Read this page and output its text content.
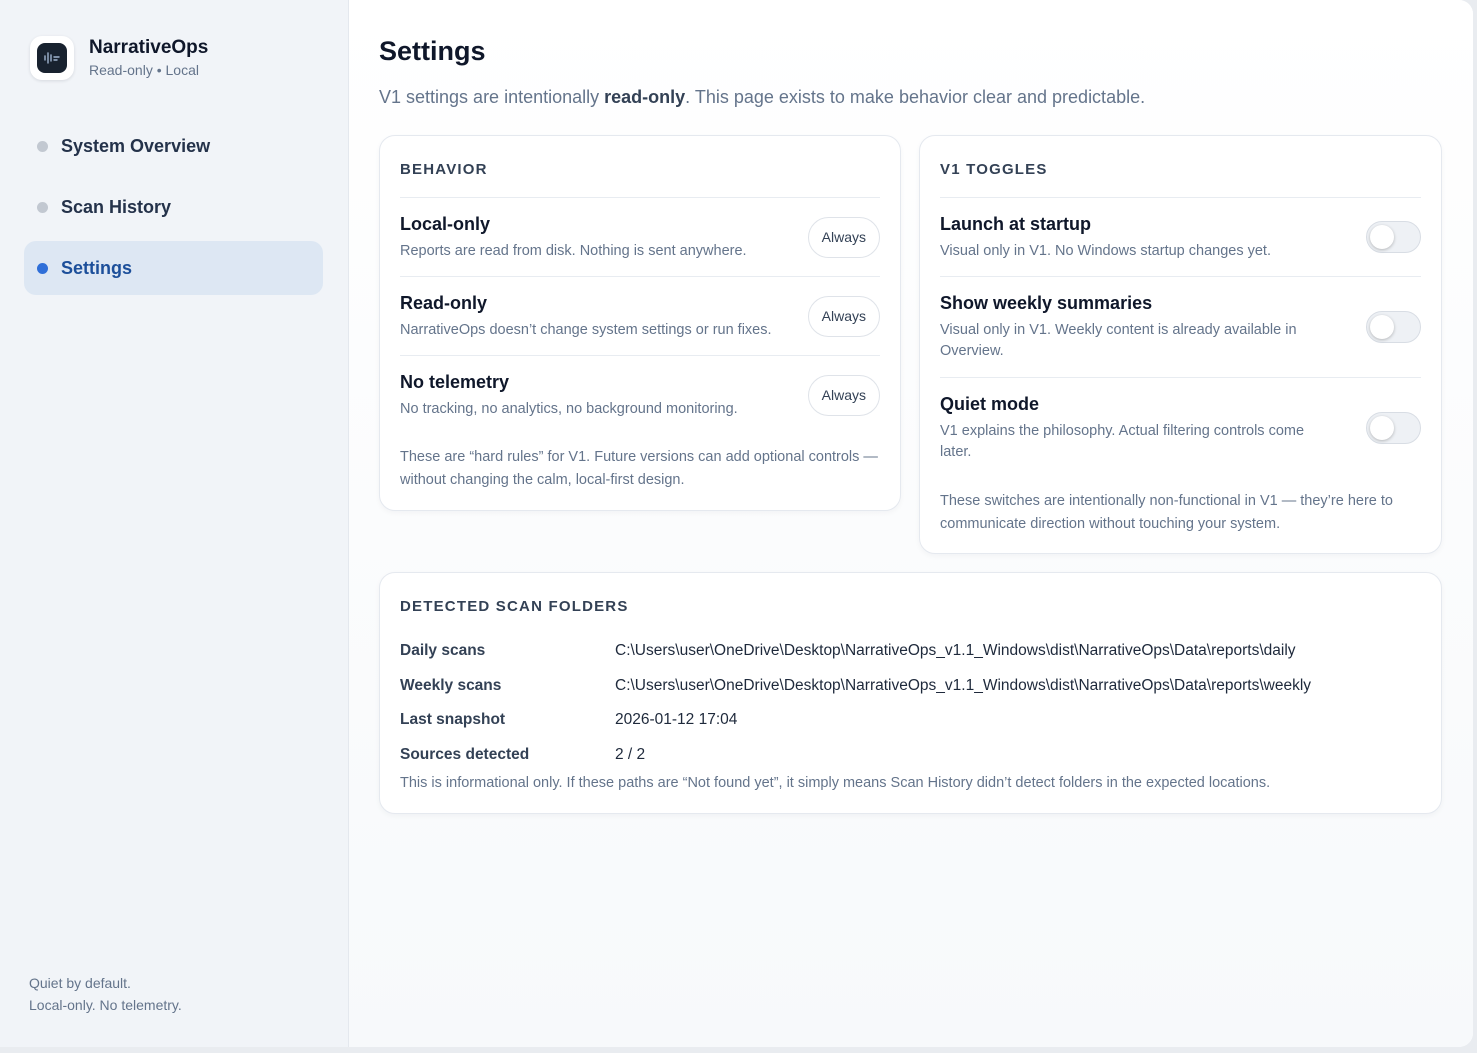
NarrativeOps
Read-only • Local
System Overview
Scan History
Settings
Quiet by default.
Local-only. No telemetry.
Settings

V1 settings are intentionally read-only. This page exists to make behavior clear and predictable.

BEHAVIOR
Local-only
Reports are read from disk. Nothing is sent anywhere.
Always
Read-only
NarrativeOps doesn’t change system settings or run fixes.
Always
No telemetry
No tracking, no analytics, no background monitoring.
Always
These are “hard rules” for V1. Future versions can add optional controls — without changing the calm, local-first design.
V1 TOGGLES
Launch at startup
Visual only in V1. No Windows startup changes yet.
Show weekly summaries
Visual only in V1. Weekly content is already available in Overview.
Quiet mode
V1 explains the philosophy. Actual filtering controls come later.
These switches are intentionally non-functional in V1 — they’re here to communicate direction without touching your system.
DETECTED SCAN FOLDERS
Daily scans	C:\Users\user\OneDrive\Desktop\NarrativeOps_v1.1_Windows\dist\NarrativeOps\Data\reports\daily
Weekly scans	C:\Users\user\OneDrive\Desktop\NarrativeOps_v1.1_Windows\dist\NarrativeOps\Data\reports\weekly
Last snapshot	2026-01-12 17:04
Sources detected	2 / 2
This is informational only. If these paths are “Not found yet”, it simply means Scan History didn’t detect folders in the expected locations.
